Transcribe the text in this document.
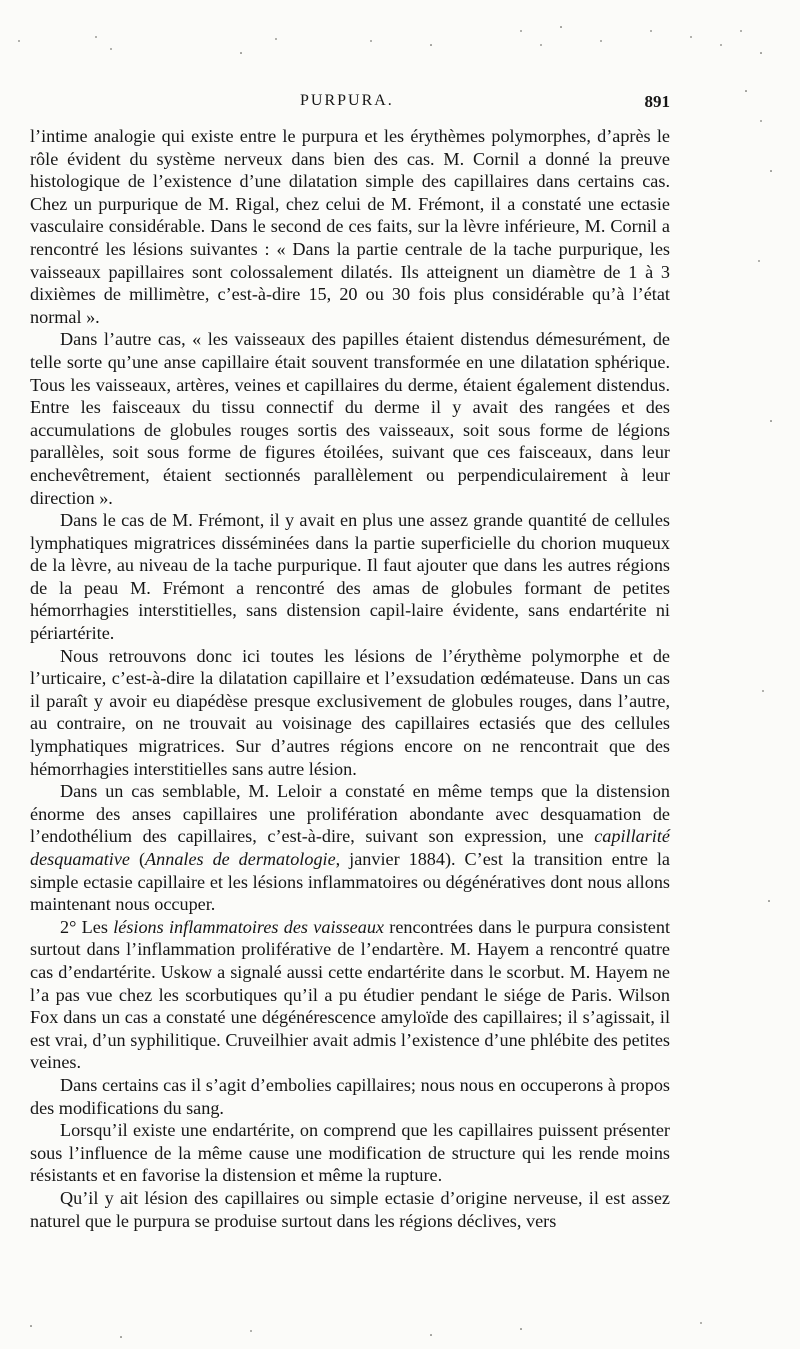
PURPURA.	891

l’intime analogie qui existe entre le purpura et les érythèmes polymorphes, d’après le rôle évident du système nerveux dans bien des cas. M. Cornil a donné la preuve histologique de l’existence d’une dilatation simple des capillaires dans certains cas. Chez un purpurique de M. Rigal, chez celui de M. Frémont, il a constaté une ectasie vasculaire considérable. Dans le second de ces faits, sur la lèvre inférieure, M. Cornil a rencontré les lésions suivantes : « Dans la partie centrale de la tache purpurique, les vaisseaux papillaires sont colossalement dilatés. Ils atteignent un diamètre de 1 à 3 dixièmes de millimètre, c’est-à-dire 15, 20 ou 30 fois plus considérable qu’à l’état normal ».

Dans l’autre cas, « les vaisseaux des papilles étaient distendus démesurément, de telle sorte qu’une anse capillaire était souvent transformée en une dilatation sphérique. Tous les vaisseaux, artères, veines et capillaires du derme, étaient également distendus. Entre les faisceaux du tissu connectif du derme il y avait des rangées et des accumulations de globules rouges sortis des vaisseaux, soit sous forme de légions parallèles, soit sous forme de figures étoilées, suivant que ces faisceaux, dans leur enchevêtrement, étaient sectionnés parallèlement ou perpendiculairement à leur direction ».

Dans le cas de M. Frémont, il y avait en plus une assez grande quantité de cellules lymphatiques migratrices disséminées dans la partie superficielle du chorion muqueux de la lèvre, au niveau de la tache purpurique. Il faut ajouter que dans les autres régions de la peau M. Frémont a rencontré des amas de globules formant de petites hémorrhagies interstitielles, sans distension capil-laire évidente, sans endartérite ni périartérite.

Nous retrouvons donc ici toutes les lésions de l’érythème polymorphe et de l’urticaire, c’est-à-dire la dilatation capillaire et l’exsudation œdémateuse. Dans un cas il paraît y avoir eu diapédèse presque exclusivement de globules rouges, dans l’autre, au contraire, on ne trouvait au voisinage des capillaires ectasiés que des cellules lymphatiques migratrices. Sur d’autres régions encore on ne rencontrait que des hémorrhagies interstitielles sans autre lésion.

Dans un cas semblable, M. Leloir a constaté en même temps que la distension énorme des anses capillaires une prolifération abondante avec desquamation de l’endothélium des capillaires, c’est-à-dire, suivant son expression, une capillarité desquamative (Annales de dermatologie, janvier 1884). C’est la transition entre la simple ectasie capillaire et les lésions inflammatoires ou dégénératives dont nous allons maintenant nous occuper.

2° Les lésions inflammatoires des vaisseaux rencontrées dans le purpura consistent surtout dans l’inflammation proliférative de l’endartère. M. Hayem a rencontré quatre cas d’endartérite. Uskow a signalé aussi cette endartérite dans le scorbut. M. Hayem ne l’a pas vue chez les scorbutiques qu’il a pu étudier pendant le siége de Paris. Wilson Fox dans un cas a constaté une dégénérescence amyloïde des capillaires; il s’agissait, il est vrai, d’un syphilitique. Cruveilhier avait admis l’existence d’une phlébite des petites veines.

Dans certains cas il s’agit d’embolies capillaires; nous nous en occuperons à propos des modifications du sang.

Lorsqu’il existe une endartérite, on comprend que les capillaires puissent présenter sous l’influence de la même cause une modification de structure qui les rende moins résistants et en favorise la distension et même la rupture.

Qu’il y ait lésion des capillaires ou simple ectasie d’origine nerveuse, il est assez naturel que le purpura se produise surtout dans les régions déclives, vers
